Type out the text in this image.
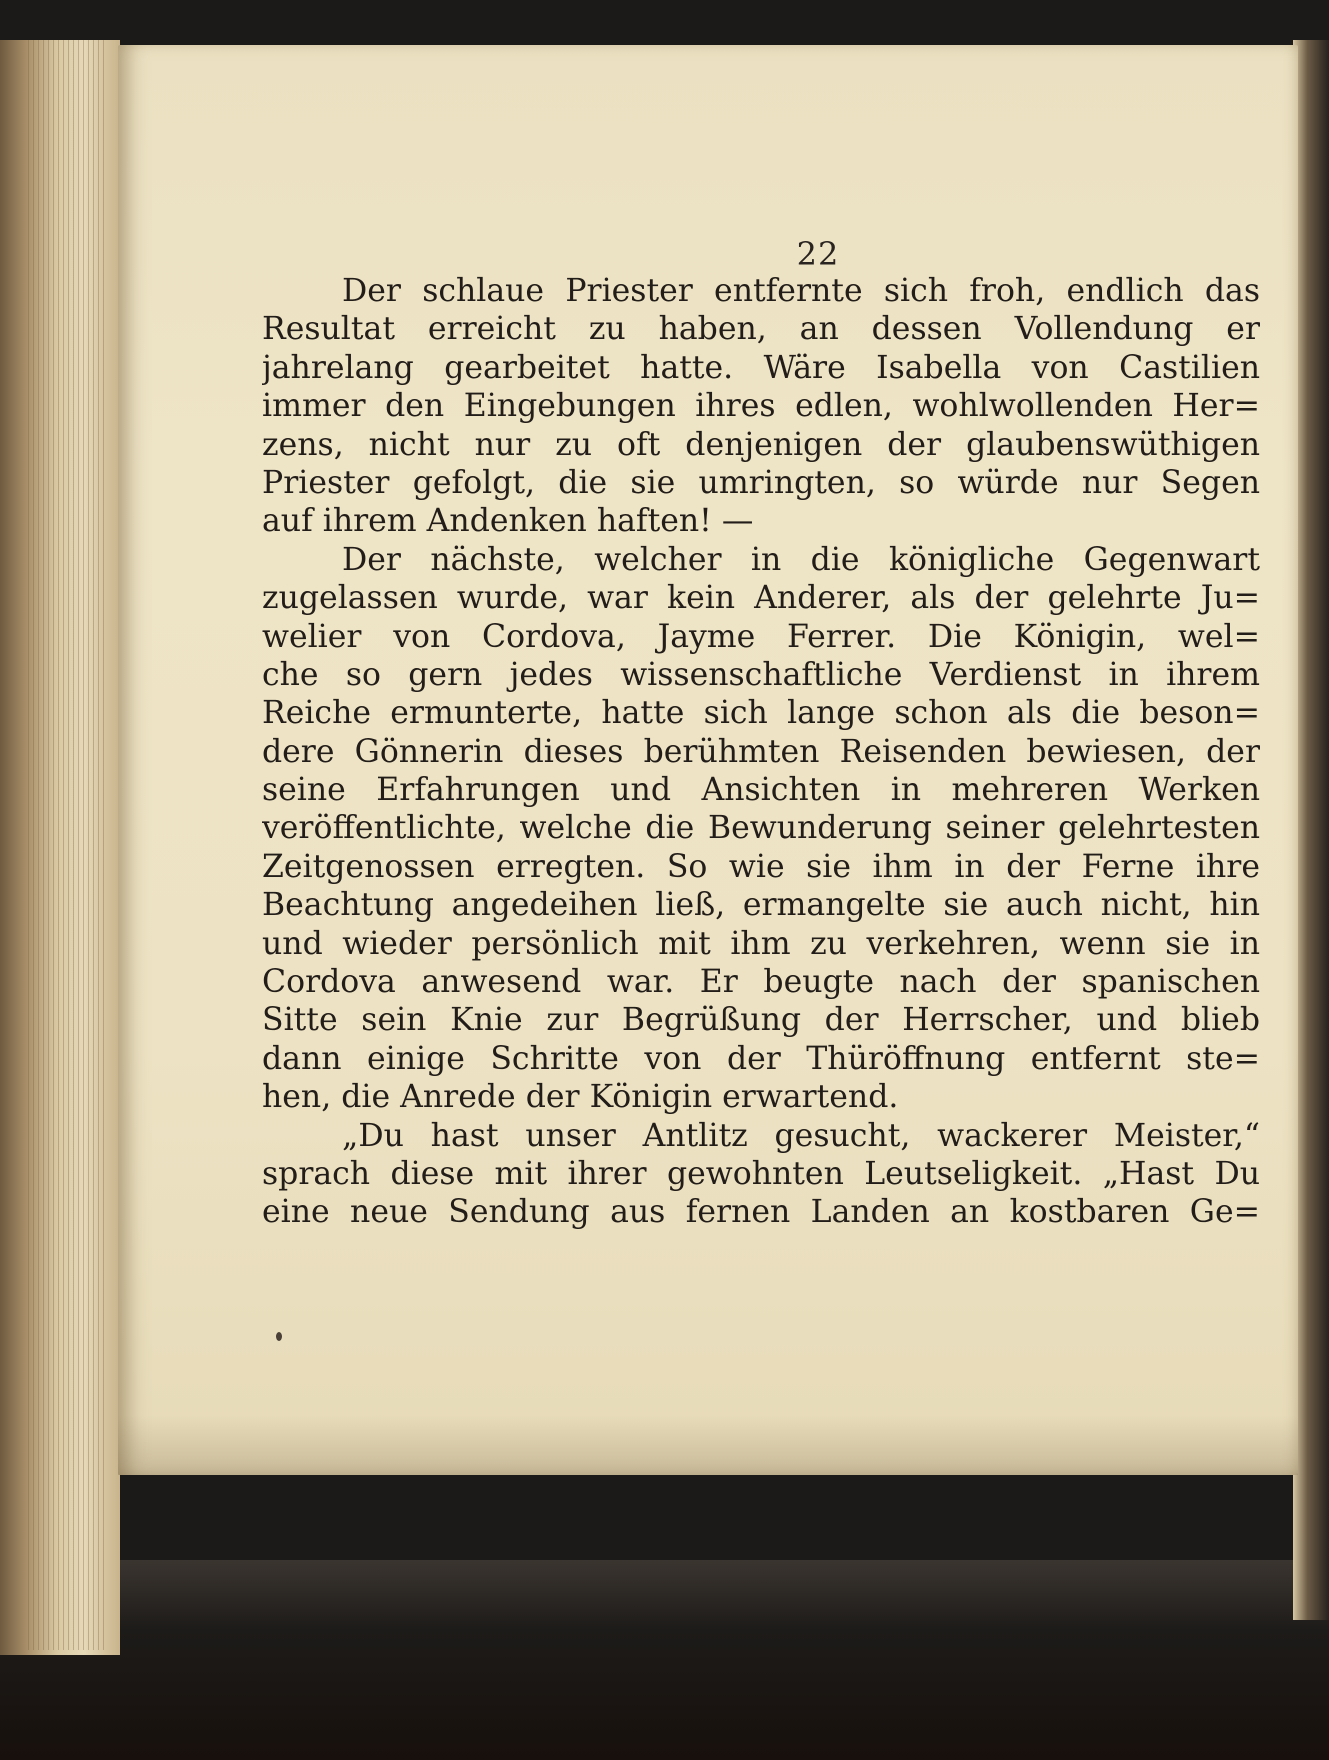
22
Der schlaue Priester entfernte sich froh, endlich das
Resultat erreicht zu haben, an dessen Vollendung er
jahrelang gearbeitet hatte. Wäre Isabella von Castilien
immer den Eingebungen ihres edlen, wohlwollenden Her=
zens, nicht nur zu oft denjenigen der glaubenswüthigen
Priester gefolgt, die sie umringten, so würde nur Segen
auf ihrem Andenken haften! —
Der nächste, welcher in die königliche Gegenwart
zugelassen wurde, war kein Anderer, als der gelehrte Ju=
welier von Cordova, Jayme Ferrer. Die Königin, wel=
che so gern jedes wissenschaftliche Verdienst in ihrem
Reiche ermunterte, hatte sich lange schon als die beson=
dere Gönnerin dieses berühmten Reisenden bewiesen, der
seine Erfahrungen und Ansichten in mehreren Werken
veröffentlichte, welche die Bewunderung seiner gelehrtesten
Zeitgenossen erregten. So wie sie ihm in der Ferne ihre
Beachtung angedeihen ließ, ermangelte sie auch nicht, hin
und wieder persönlich mit ihm zu verkehren, wenn sie in
Cordova anwesend war. Er beugte nach der spanischen
Sitte sein Knie zur Begrüßung der Herrscher, und blieb
dann einige Schritte von der Thüröffnung entfernt ste=
hen, die Anrede der Königin erwartend.
„Du hast unser Antlitz gesucht, wackerer Meister,“
sprach diese mit ihrer gewohnten Leutseligkeit. „Hast Du
eine neue Sendung aus fernen Landen an kostbaren Ge=
